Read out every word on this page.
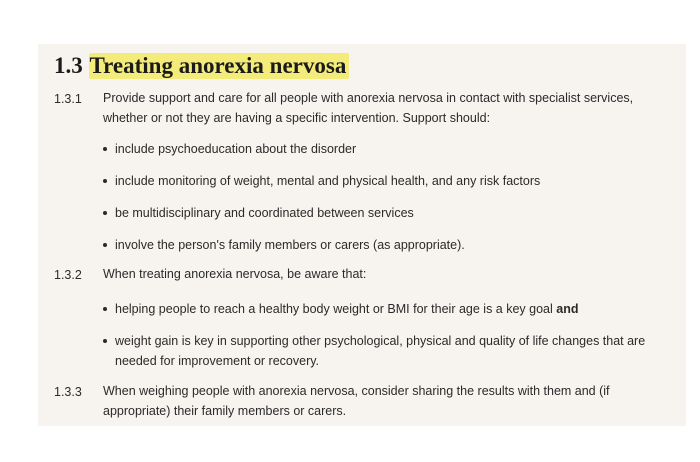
1.3 Treating anorexia nervosa
1.3.1 Provide support and care for all people with anorexia nervosa in contact with specialist services, whether or not they are having a specific intervention. Support should:
include psychoeducation about the disorder
include monitoring of weight, mental and physical health, and any risk factors
be multidisciplinary and coordinated between services
involve the person's family members or carers (as appropriate).
1.3.2 When treating anorexia nervosa, be aware that:
helping people to reach a healthy body weight or BMI for their age is a key goal and
weight gain is key in supporting other psychological, physical and quality of life changes that are needed for improvement or recovery.
1.3.3 When weighing people with anorexia nervosa, consider sharing the results with them and (if appropriate) their family members or carers.
